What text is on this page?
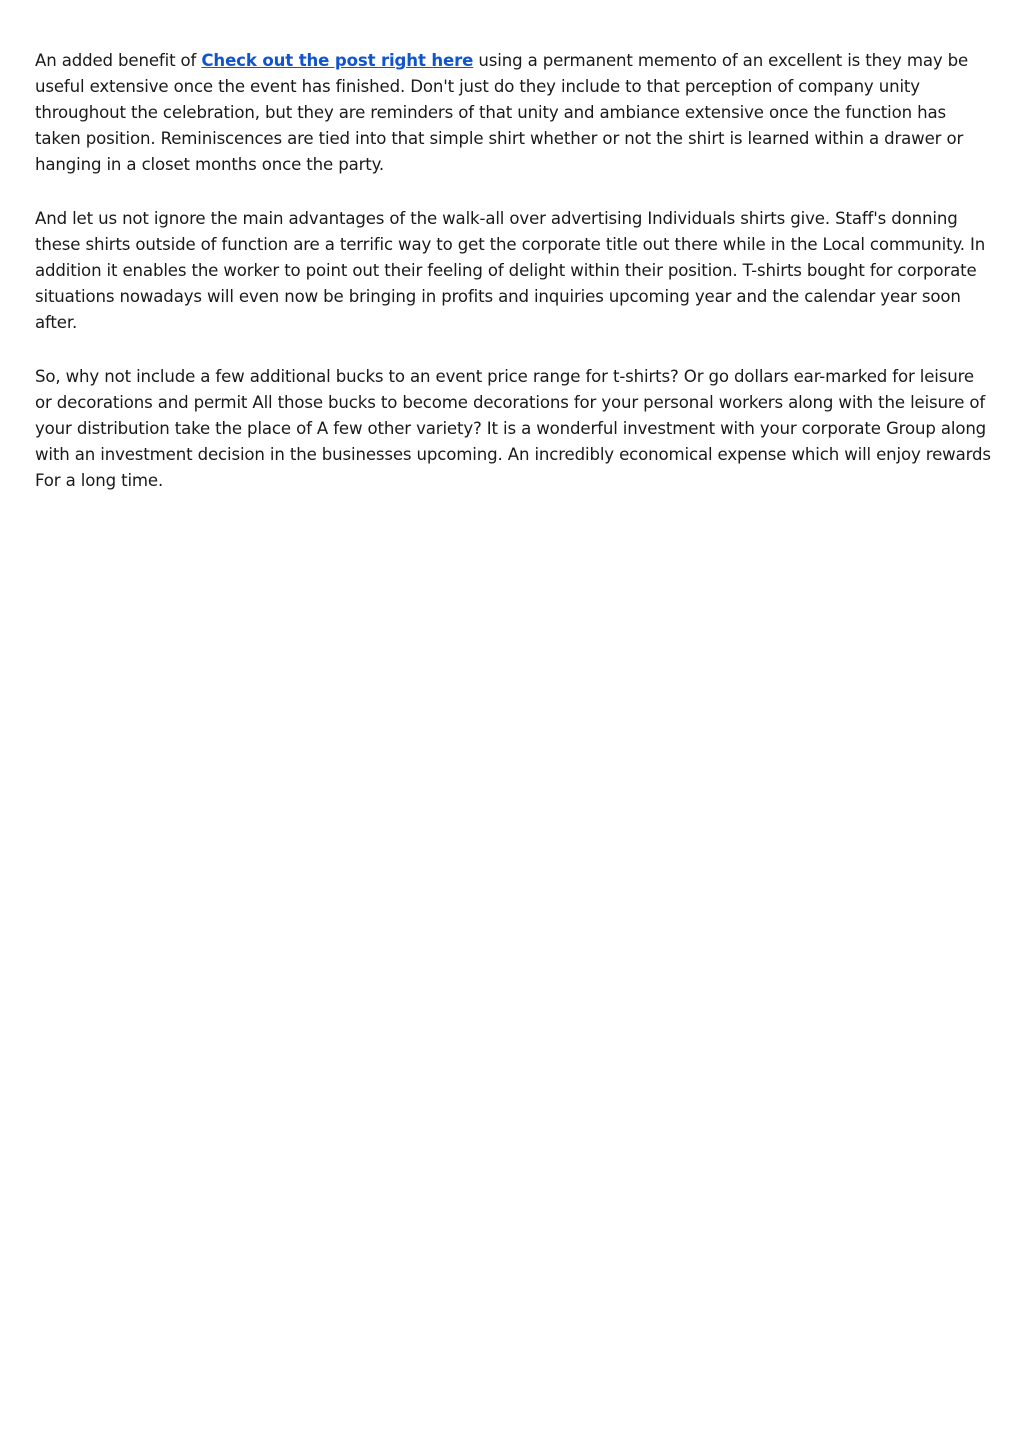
An added benefit of Check out the post right here using a permanent memento of an excellent is they may be useful extensive once the event has finished. Don't just do they include to that perception of company unity throughout the celebration, but they are reminders of that unity and ambiance extensive once the function has taken position. Reminiscences are tied into that simple shirt whether or not the shirt is learned within a drawer or hanging in a closet months once the party.

And let us not ignore the main advantages of the walk-all over advertising Individuals shirts give. Staff's donning these shirts outside of function are a terrific way to get the corporate title out there while in the Local community. In addition it enables the worker to point out their feeling of delight within their position. T-shirts bought for corporate situations nowadays will even now be bringing in profits and inquiries upcoming year and the calendar year soon after.

So, why not include a few additional bucks to an event price range for t-shirts? Or go dollars ear-marked for leisure or decorations and permit All those bucks to become decorations for your personal workers along with the leisure of your distribution take the place of A few other variety? It is a wonderful investment with your corporate Group along with an investment decision in the businesses upcoming. An incredibly economical expense which will enjoy rewards For a long time.
